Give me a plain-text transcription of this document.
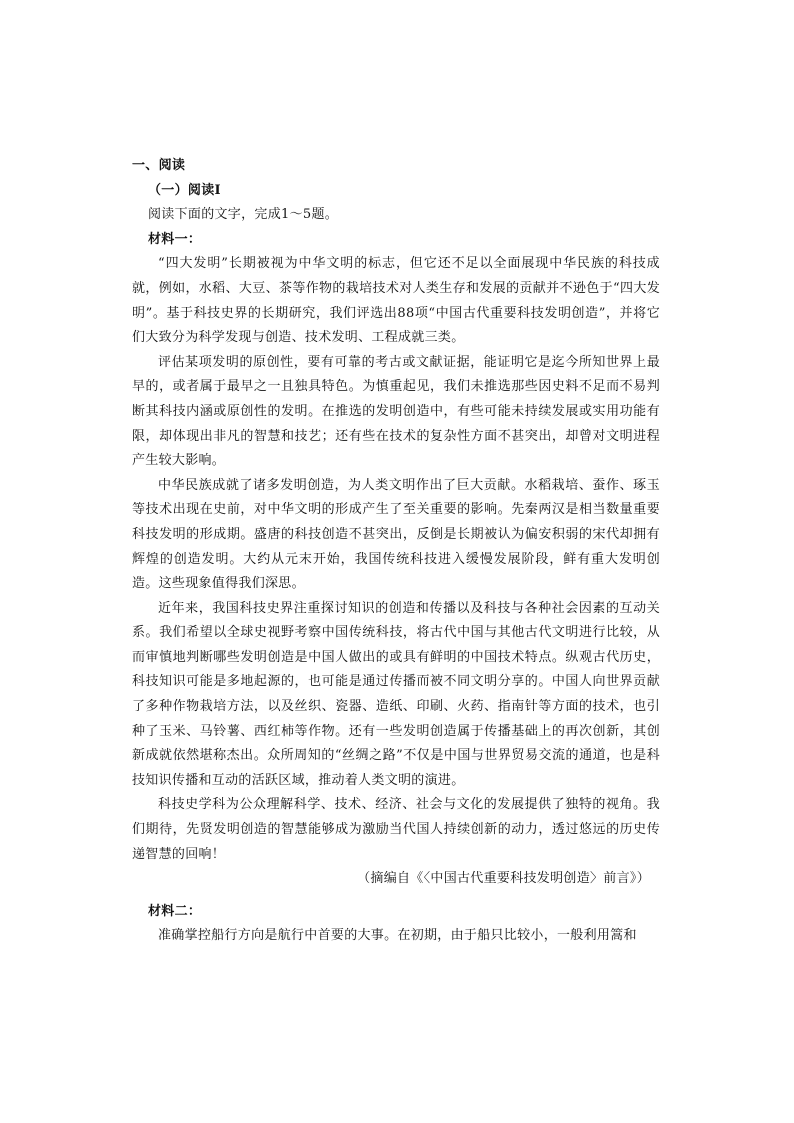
一、阅读
（一）阅读Ⅰ
阅读下面的文字，完成1～5题。
材料一：

“四大发明”长期被视为中华文明的标志，但它还不足以全面展现中华民族的科技成就，例如，水稻、大豆、茶等作物的栽培技术对人类生存和发展的贡献并不逊色于“四大发明”。基于科技史界的长期研究，我们评选出88项“中国古代重要科技发明创造”，并将它们大致分为科学发现与创造、技术发明、工程成就三类。

评估某项发明的原创性，要有可靠的考古或文献证据，能证明它是迄今所知世界上最早的，或者属于最早之一且独具特色。为慎重起见，我们未推选那些因史料不足而不易判断其科技内涵或原创性的发明。在推选的发明创造中，有些可能未持续发展或实用功能有限，却体现出非凡的智慧和技艺；还有些在技术的复杂性方面不甚突出，却曾对文明进程产生较大影响。

中华民族成就了诸多发明创造，为人类文明作出了巨大贡献。水稻栽培、蚕作、琢玉等技术出现在史前，对中华文明的形成产生了至关重要的影响。先秦两汉是相当数量重要科技发明的形成期。盛唐的科技创造不甚突出，反倒是长期被认为偏安积弱的宋代却拥有辉煌的创造发明。大约从元末开始，我国传统科技进入缓慢发展阶段，鲜有重大发明创造。这些现象值得我们深思。

近年来，我国科技史界注重探讨知识的创造和传播以及科技与各种社会因素的互动关系。我们希望以全球史视野考察中国传统科技，将古代中国与其他古代文明进行比较，从而审慎地判断哪些发明创造是中国人做出的或具有鲜明的中国技术特点。纵观古代历史，科技知识可能是多地起源的，也可能是通过传播而被不同文明分享的。中国人向世界贡献了多种作物栽培方法，以及丝织、瓷器、造纸、印刷、火药、指南针等方面的技术，也引种了玉米、马铃薯、西红柿等作物。还有一些发明创造属于传播基础上的再次创新，其创新成就依然堪称杰出。众所周知的“丝绸之路”不仅是中国与世界贸易交流的通道，也是科技知识传播和互动的活跃区域，推动着人类文明的演进。

科技史学科为公众理解科学、技术、经济、社会与文化的发展提供了独特的视角。我们期待，先贤发明创造的智慧能够成为激励当代国人持续创新的动力，透过悠远的历史传递智慧的回响！

（摘编自《〈中国古代重要科技发明创造〉前言》）

材料二：

准确掌控船行方向是航行中首要的大事。在初期，由于船只比较小，一般利用篙和
